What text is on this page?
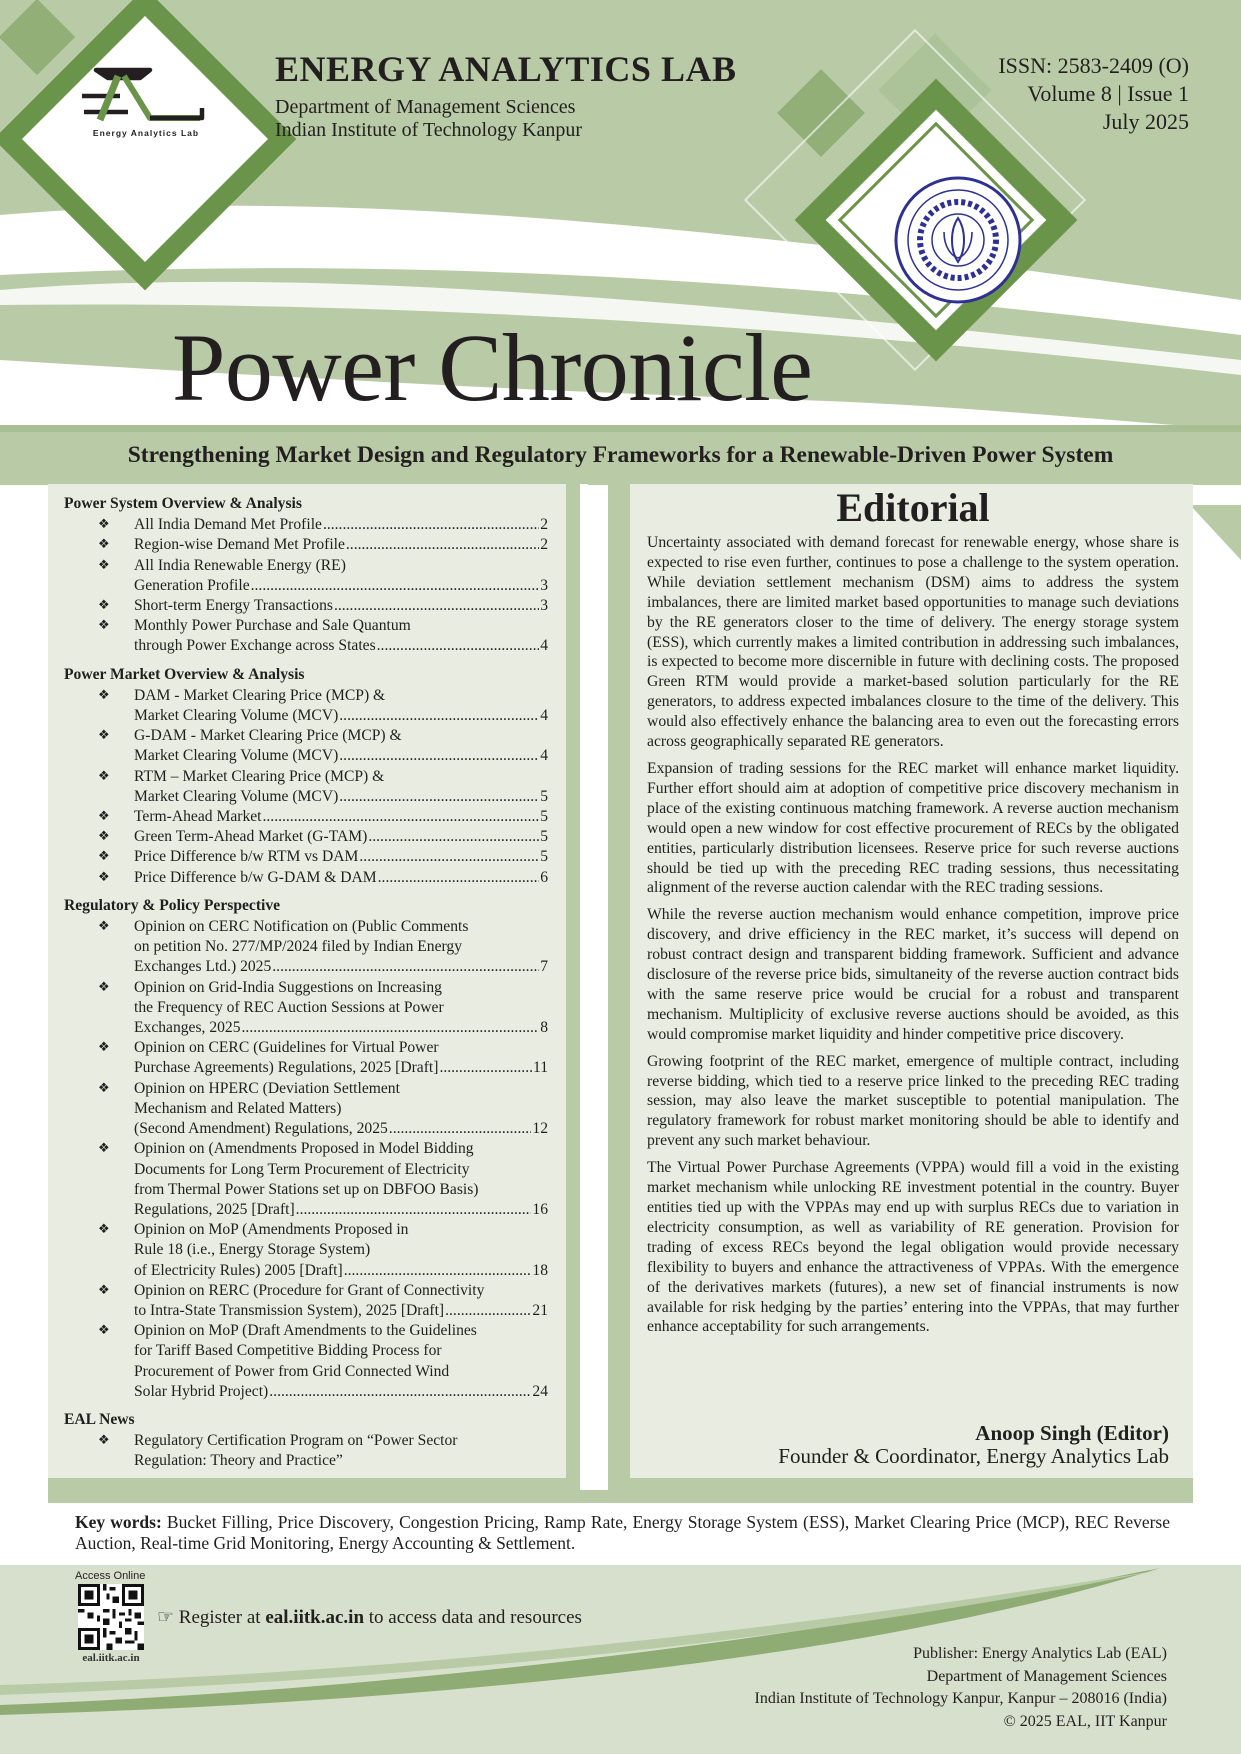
Energy Analytics Lab
ENERGY ANALYTICS LAB
Department of Management Sciences
Indian Institute of Technology Kanpur
ISSN: 2583-2409 (O)
Volume 8 | Issue 1
July 2025
Power Chronicle
Strengthening Market Design and Regulatory Frameworks for a Renewable-Driven Power System
Power System Overview & Analysis
❖ All India Demand Met Profile .....	2
❖ Region-wise Demand Met Profile .....	2
❖ All India Renewable Energy (RE)
Generation Profile .....	3
❖ Short-term Energy Transactions .....	3
❖ Monthly Power Purchase and Sale Quantum
through Power Exchange across States .....	4
Power Market Overview & Analysis
❖ DAM - Market Clearing Price (MCP) &
Market Clearing Volume (MCV) .....	4
❖ G-DAM - Market Clearing Price (MCP) &
Market Clearing Volume (MCV) .....	4
❖ RTM – Market Clearing Price (MCP) &
Market Clearing Volume (MCV) .....	5
❖ Term-Ahead Market .....	5
❖ Green Term-Ahead Market (G-TAM) .....	5
❖ Price Difference b/w RTM vs DAM .....	5
❖ Price Difference b/w G-DAM & DAM .....	6
Regulatory & Policy Perspective
❖ Opinion on CERC Notification on (Public Comments
on petition No. 277/MP/2024 filed by Indian Energy
Exchanges Ltd.) 2025 .....	7
❖ Opinion on Grid-India Suggestions on Increasing
the Frequency of REC Auction Sessions at Power
Exchanges, 2025 .....	8
❖ Opinion on CERC (Guidelines for Virtual Power
Purchase Agreements) Regulations, 2025 [Draft] .....	11
❖ Opinion on HPERC (Deviation Settlement
Mechanism and Related Matters)
(Second Amendment) Regulations, 2025 .....	12
❖ Opinion on (Amendments Proposed in Model Bidding
Documents for Long Term Procurement of Electricity
from Thermal Power Stations set up on DBFOO Basis)
Regulations, 2025 [Draft] .....	16
❖ Opinion on MoP (Amendments Proposed in
Rule 18 (i.e., Energy Storage System)
of Electricity Rules) 2005 [Draft] .....	18
❖ Opinion on RERC (Procedure for Grant of Connectivity
to Intra-State Transmission System), 2025 [Draft] .....	21
❖ Opinion on MoP (Draft Amendments to the Guidelines
for Tariff Based Competitive Bidding Process for
Procurement of Power from Grid Connected Wind
Solar Hybrid Project) .....	24
EAL News
❖ Regulatory Certification Program on “Power Sector
Regulation: Theory and Practice”
Editorial

Uncertainty associated with demand forecast for renewable energy, whose share is expected to rise even further, continues to pose a challenge to the system operation. While deviation settlement mechanism (DSM) aims to address the system imbalances, there are limited market based opportunities to manage such deviations by the RE generators closer to the time of delivery. The energy storage system (ESS), which currently makes a limited contribution in addressing such imbalances, is expected to become more discernible in future with declining costs. The proposed Green RTM would provide a market-based solution particularly for the RE generators, to address expected imbalances closure to the time of the delivery. This would also effectively enhance the balancing area to even out the forecasting errors across geographically separated RE generators.

Expansion of trading sessions for the REC market will enhance market liquidity. Further effort should aim at adoption of competitive price discovery mechanism in place of the existing continuous matching framework. A reverse auction mechanism would open a new window for cost effective procurement of RECs by the obligated entities, particularly distribution licensees. Reserve price for such reverse auctions should be tied up with the preceding REC trading sessions, thus necessitating alignment of the reverse auction calendar with the REC trading sessions.

While the reverse auction mechanism would enhance competition, improve price discovery, and drive efficiency in the REC market, it’s success will depend on robust contract design and transparent bidding framework. Sufficient and advance disclosure of the reverse price bids, simultaneity of the reverse auction contract bids with the same reserve price would be crucial for a robust and transparent mechanism. Multiplicity of exclusive reverse auctions should be avoided, as this would compromise market liquidity and hinder competitive price discovery.

Growing footprint of the REC market, emergence of multiple contract, including reverse bidding, which tied to a reserve price linked to the preceding REC trading session, may also leave the market susceptible to potential manipulation. The regulatory framework for robust market monitoring should be able to identify and prevent any such market behaviour.

The Virtual Power Purchase Agreements (VPPA) would fill a void in the existing market mechanism while unlocking RE investment potential in the country. Buyer entities tied up with the VPPAs may end up with surplus RECs due to variation in electricity consumption, as well as variability of RE generation. Provision for trading of excess RECs beyond the legal obligation would provide necessary flexibility to buyers and enhance the attractiveness of VPPAs. With the emergence of the derivatives markets (futures), a new set of financial instruments is now available for risk hedging by the parties’ entering into the VPPAs, that may further enhance acceptability for such arrangements.

Anoop Singh (Editor)
Founder & Coordinator, Energy Analytics Lab
Key words: Bucket Filling, Price Discovery, Congestion Pricing, Ramp Rate, Energy Storage System (ESS), Market Clearing Price (MCP), REC Reverse Auction, Real-time Grid Monitoring, Energy Accounting & Settlement.
Access Online
eal.iitk.ac.in
☞ Register at eal.iitk.ac.in to access data and resources
Publisher: Energy Analytics Lab (EAL)
Department of Management Sciences
Indian Institute of Technology Kanpur, Kanpur – 208016 (India)
© 2025 EAL, IIT Kanpur
